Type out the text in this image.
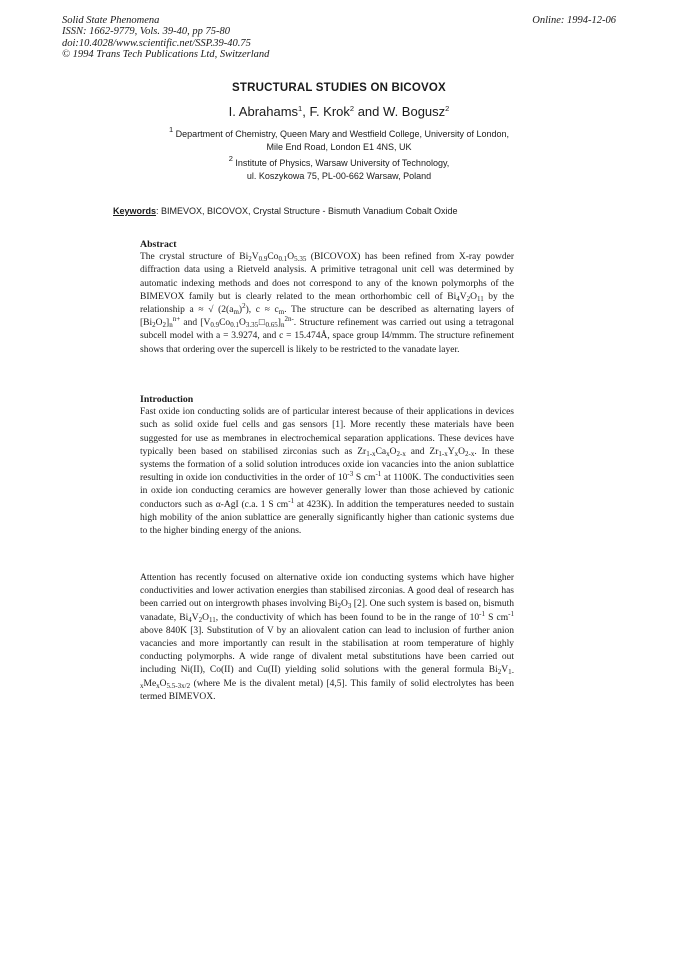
Solid State Phenomena
ISSN: 1662-9779, Vols. 39-40, pp 75-80
doi:10.4028/www.scientific.net/SSP.39-40.75
© 1994 Trans Tech Publications Ltd, Switzerland
Online: 1994-12-06
STRUCTURAL STUDIES ON BICOVOX
I. Abrahams$^1$, F. Krok$^2$ and W. Bogusz$^2$
$^1$ Department of Chemistry, Queen Mary and Westfield College, University of London,
Mile End Road, London E1 4NS, UK
$^2$ Institute of Physics, Warsaw University of Technology,
ul. Koszykowa 75, PL-00-662 Warsaw, Poland
Keywords: BIMEVOX, BICOVOX, Crystal Structure - Bismuth Vanadium Cobalt Oxide
Abstract
The crystal structure of $Bi_2V_{0.9}Co_{0.1}O_{5.35}$ (BICOVOX) has been refined from X-ray powder diffraction data using a Rietveld analysis. A primitive tetragonal unit cell was determined by automatic indexing methods and does not correspond to any of the known polymorphs of the BIMEVOX family but is clearly related to the mean orthorhombic cell of $Bi_4V_2O_{11}$ by the relationship a ≈ √ $(2(a_m)^2)$, $c \approx c_m$. The structure can be described as alternating layers of $[Bi_2O_2]_n^{n+}$ and $[V_{0.9}Co_{0.1}O_{3.35}□_{0.65}]_n^{2n-}$. Structure refinement was carried out using a tetragonal subcell model with a = 3.9274, and c = 15.474Å, space group I4/mmm. The structure refinement shows that ordering over the supercell is likely to be restricted to the vanadate layer.
Introduction
Fast oxide ion conducting solids are of particular interest because of their applications in devices such as solid oxide fuel cells and gas sensors [1]. More recently these materials have been suggested for use as membranes in electrochemical separation applications. These devices have typically been based on stabilised zirconias such as $Zr_{1-x}Ca_xO_{2-x}$ and $Zr_{1-x}Y_xO_{2-x}$. In these systems the formation of a solid solution introduces oxide ion vacancies into the anion sublattice resulting in oxide ion conductivities in the order of $10^{-3}$ S $cm^{-1}$ at 1100K. The conductivities seen in oxide ion conducting ceramics are however generally lower than those achieved by cationic conductors such as α-AgI (c.a. 1 S $cm^{-1}$ at 423K). In addition the temperatures needed to sustain high mobility of the anion sublattice are generally significantly higher than cationic systems due to the higher binding energy of the anions.
Attention has recently focused on alternative oxide ion conducting systems which have higher conductivities and lower activation energies than stabilised zirconias. A good deal of research has been carried out on intergrowth phases involving $Bi_2O_3$ [2]. One such system is based on, bismuth vanadate, $Bi_4V_2O_{11}$, the conductivity of which has been found to be in the range of $10^{-1}$ S $cm^{-1}$ above 840K [3]. Substitution of V by an aliovalent cation can lead to inclusion of further anion vacancies and more importantly can result in the stabilisation at room temperature of highly conducting polymorphs. A wide range of divalent metal substitutions have been carried out including Ni(II), Co(II) and Cu(II) yielding solid solutions with the general formula $Bi_2V_{1-x}Me_xO_{5.5-3x/2}$ (where Me is the divalent metal) [4,5]. This family of solid electrolytes has been termed BIMEVOX.
